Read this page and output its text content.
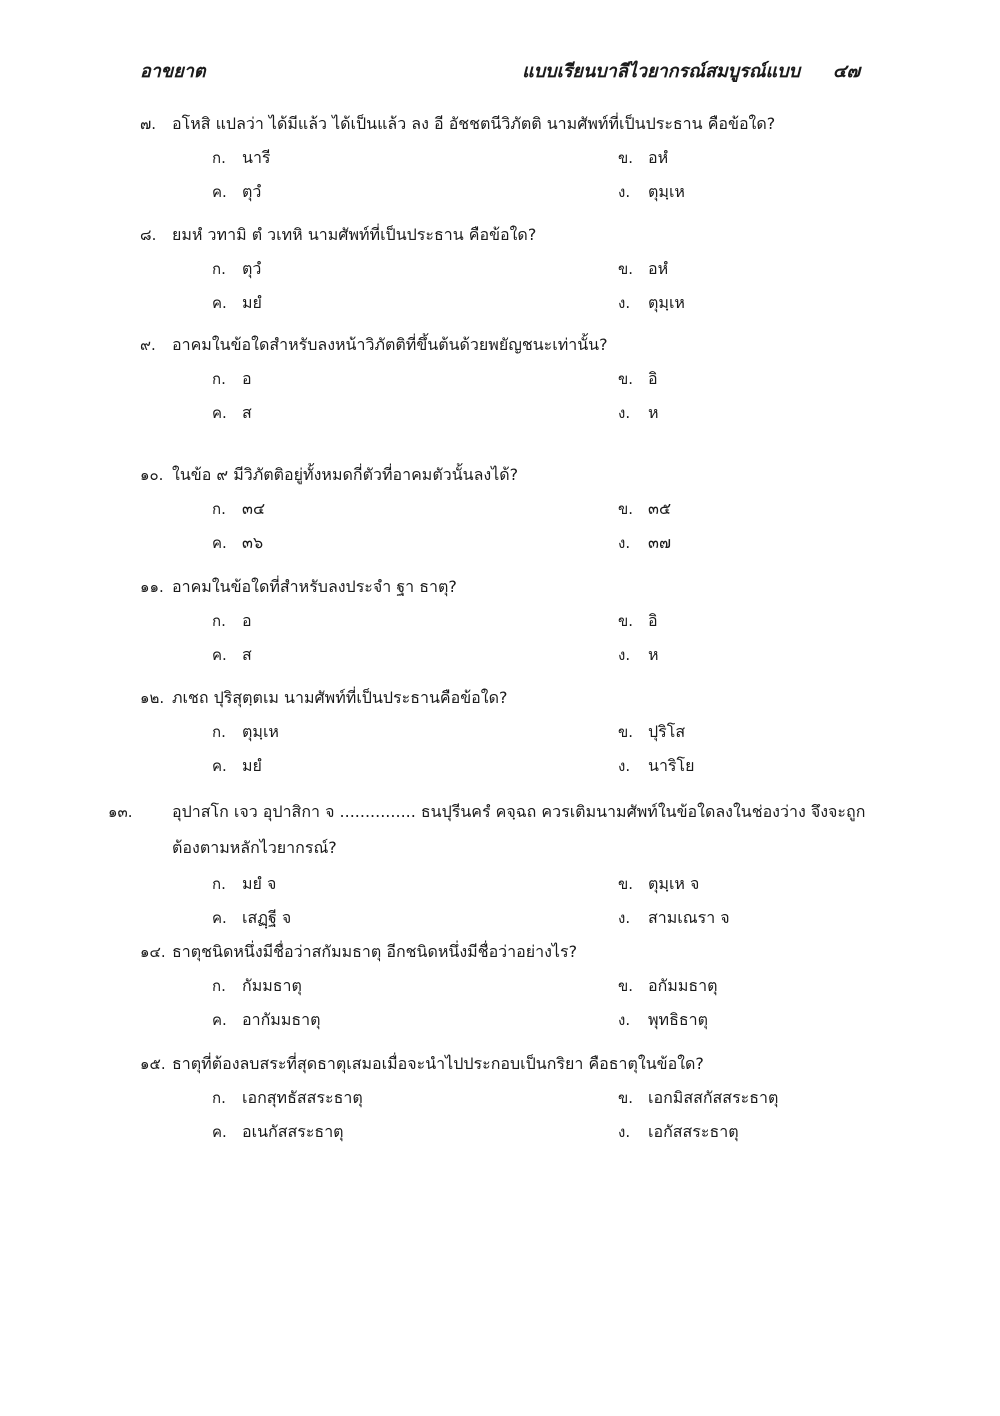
อาขยาต	แบบเรียนบาลีไวยากรณ์สมบูรณ์แบบ ๔๗
๗. อโหสิ แปลว่า ได้มีแล้ว ได้เป็นแล้ว ลง อี อัชชตนีวิภัตติ นามศัพท์ที่เป็นประธาน คือข้อใด?
ก. นารี	ข. อหํ
ค. ตุวํ	ง. ตุมฺเห
๘. ยมหํ วทามิ ตํ วเทหิ นามศัพท์ที่เป็นประธาน คือข้อใด?
ก. ตุวํ	ข. อหํ
ค. มยํ	ง. ตุมฺเห
๙. อาคมในข้อใดสำหรับลงหน้าวิภัตติที่ขึ้นต้นด้วยพยัญชนะเท่านั้น?
ก. อ	ข. อิ
ค. ส	ง. ห
๑๐. ในข้อ ๙ มีวิภัตติอยู่ทั้งหมดกี่ตัวที่อาคมตัวนั้นลงได้?
ก. ๓๔	ข. ๓๕
ค. ๓๖	ง. ๓๗
๑๑. อาคมในข้อใดที่สำหรับลงประจำ ฐา ธาตุ?
ก. อ	ข. อิ
ค. ส	ง. ห
๑๒. ภเชถ ปุริสุตฺตเม นามศัพท์ที่เป็นประธานคือข้อใด?
ก. ตุมฺเห	ข. ปุริโส
ค. มยํ	ง. นาริโย
๑๓. อุปาสโก เจว อุปาสิกา จ ............... ธนปุรีนครํ คจฺฉถ ควรเติมนามศัพท์ในข้อใดลงในช่องว่าง จึงจะถูกต้องตามหลักไวยากรณ์?
ก. มยํ จ	ข. ตุมฺเห จ
ค. เสฏฺฐี จ	ง. สามเณรา จ
๑๔. ธาตุชนิดหนึ่งมีชื่อว่าสกัมมธาตุ อีกชนิดหนึ่งมีชื่อว่าอย่างไร?
ก. กัมมธาตุ	ข. อกัมมธาตุ
ค. อากัมมธาตุ	ง. พุทธิธาตุ
๑๕. ธาตุที่ต้องลบสระที่สุดธาตุเสมอเมื่อจะนำไปประกอบเป็นกริยา คือธาตุในข้อใด?
ก. เอกสุทธัสสระธาตุ	ข. เอกมิสสกัสสระธาตุ
ค. อเนกัสสระธาตุ	ง. เอกัสสระธาตุ
